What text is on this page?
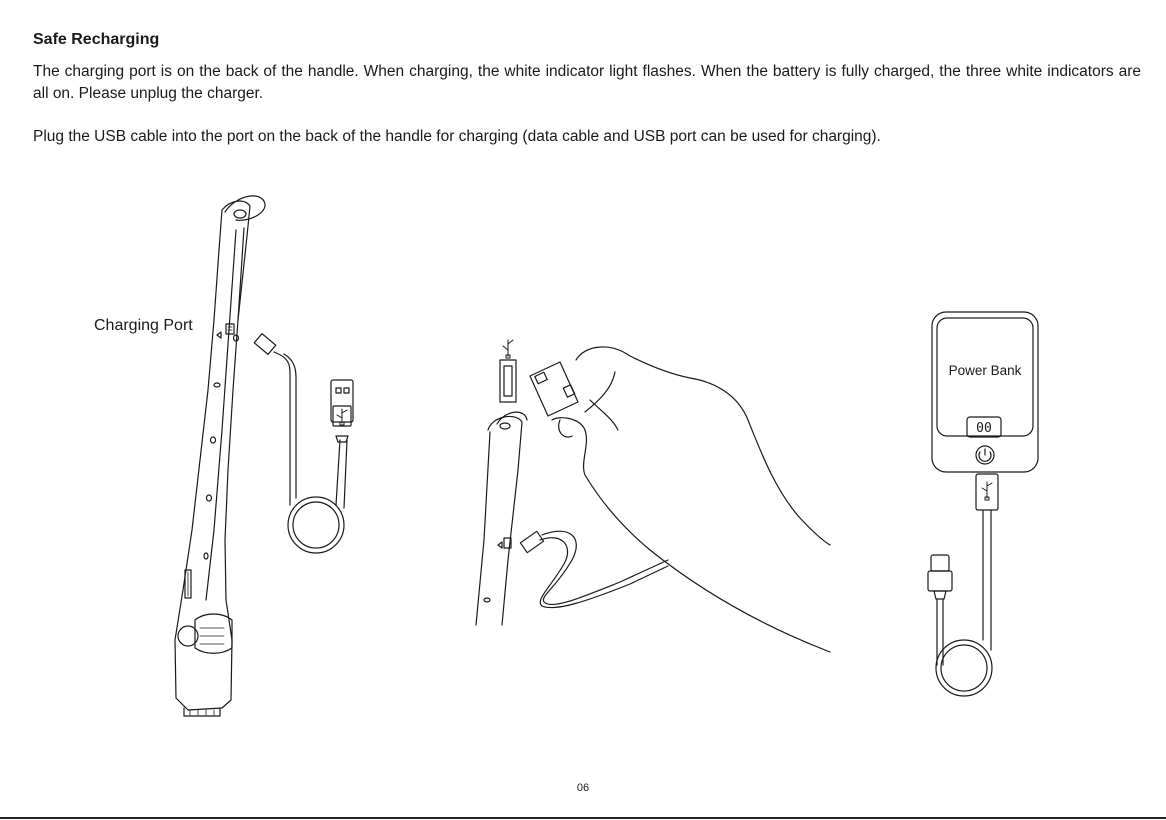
Safe Recharging

The charging port is on the back of the handle. When charging, the white indicator light flashes. When the battery is fully charged, the three white indicators are all on. Please unplug the charger.

Plug the USB cable into the port on the back of the handle for charging (data cable and USB port can be used for charging).

Power Bank
00

Charging Port

06
